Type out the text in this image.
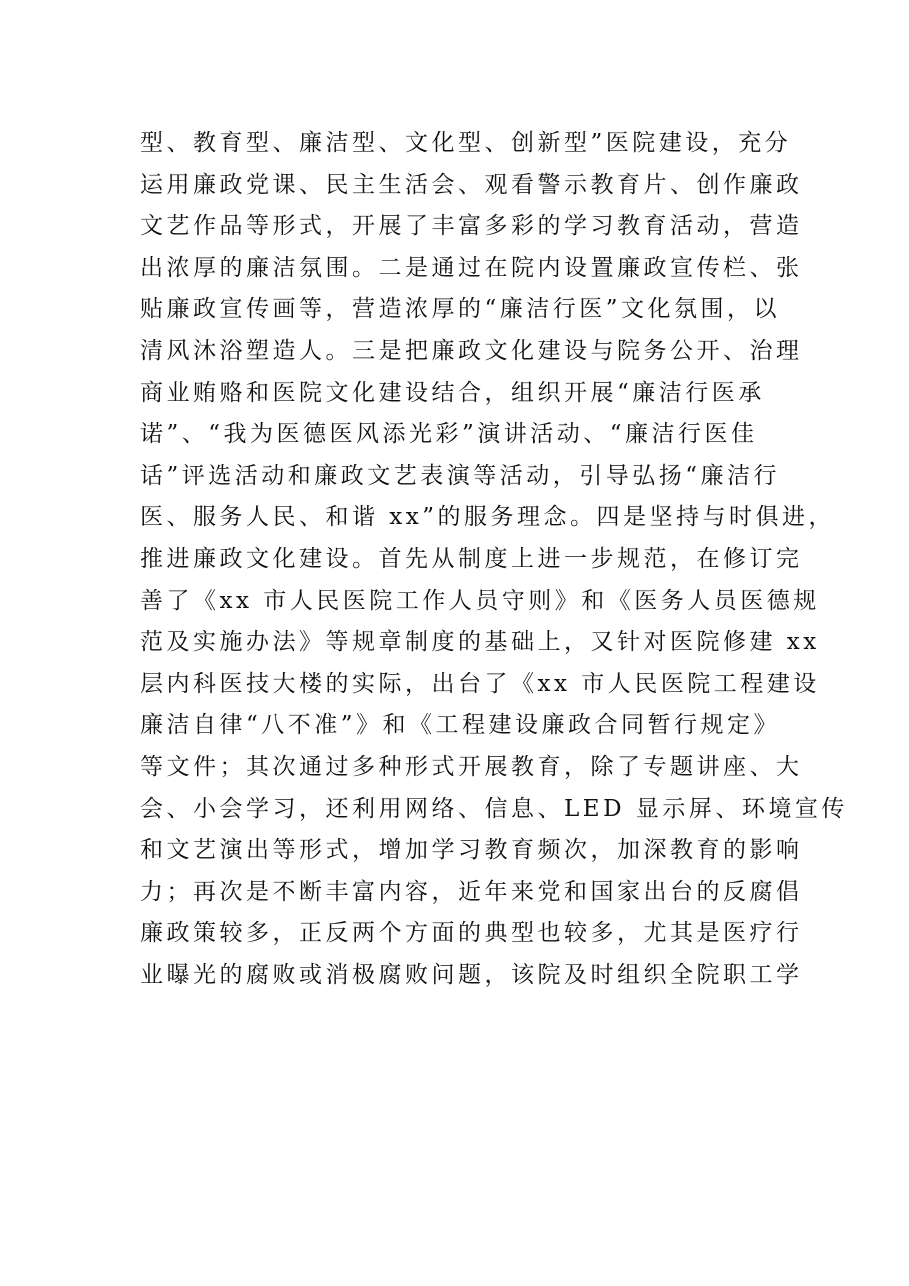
型、教育型、廉洁型、文化型、创新型”医院建设，充分
运用廉政党课、民主生活会、观看警示教育片、创作廉政
文艺作品等形式，开展了丰富多彩的学习教育活动，营造
出浓厚的廉洁氛围。二是通过在院内设置廉政宣传栏、张
贴廉政宣传画等，营造浓厚的“廉洁行医”文化氛围，以
清风沐浴塑造人。三是把廉政文化建设与院务公开、治理
商业贿赂和医院文化建设结合，组织开展“廉洁行医承
诺”、“我为医德医风添光彩”演讲活动、“廉洁行医佳
话”评选活动和廉政文艺表演等活动，引导弘扬“廉洁行
医、服务人民、和谐 xx”的服务理念。四是坚持与时俱进，
推进廉政文化建设。首先从制度上进一步规范，在修订完
善了《xx 市人民医院工作人员守则》和《医务人员医德规
范及实施办法》等规章制度的基础上，又针对医院修建 xx
层内科医技大楼的实际，出台了《xx 市人民医院工程建设
廉洁自律“八不准”》和《工程建设廉政合同暂行规定》
等文件；其次通过多种形式开展教育，除了专题讲座、大
会、小会学习，还利用网络、信息、LED 显示屏、环境宣传
和文艺演出等形式，增加学习教育频次，加深教育的影响
力；再次是不断丰富内容，近年来党和国家出台的反腐倡
廉政策较多，正反两个方面的典型也较多，尤其是医疗行
业曝光的腐败或消极腐败问题，该院及时组织全院职工学
